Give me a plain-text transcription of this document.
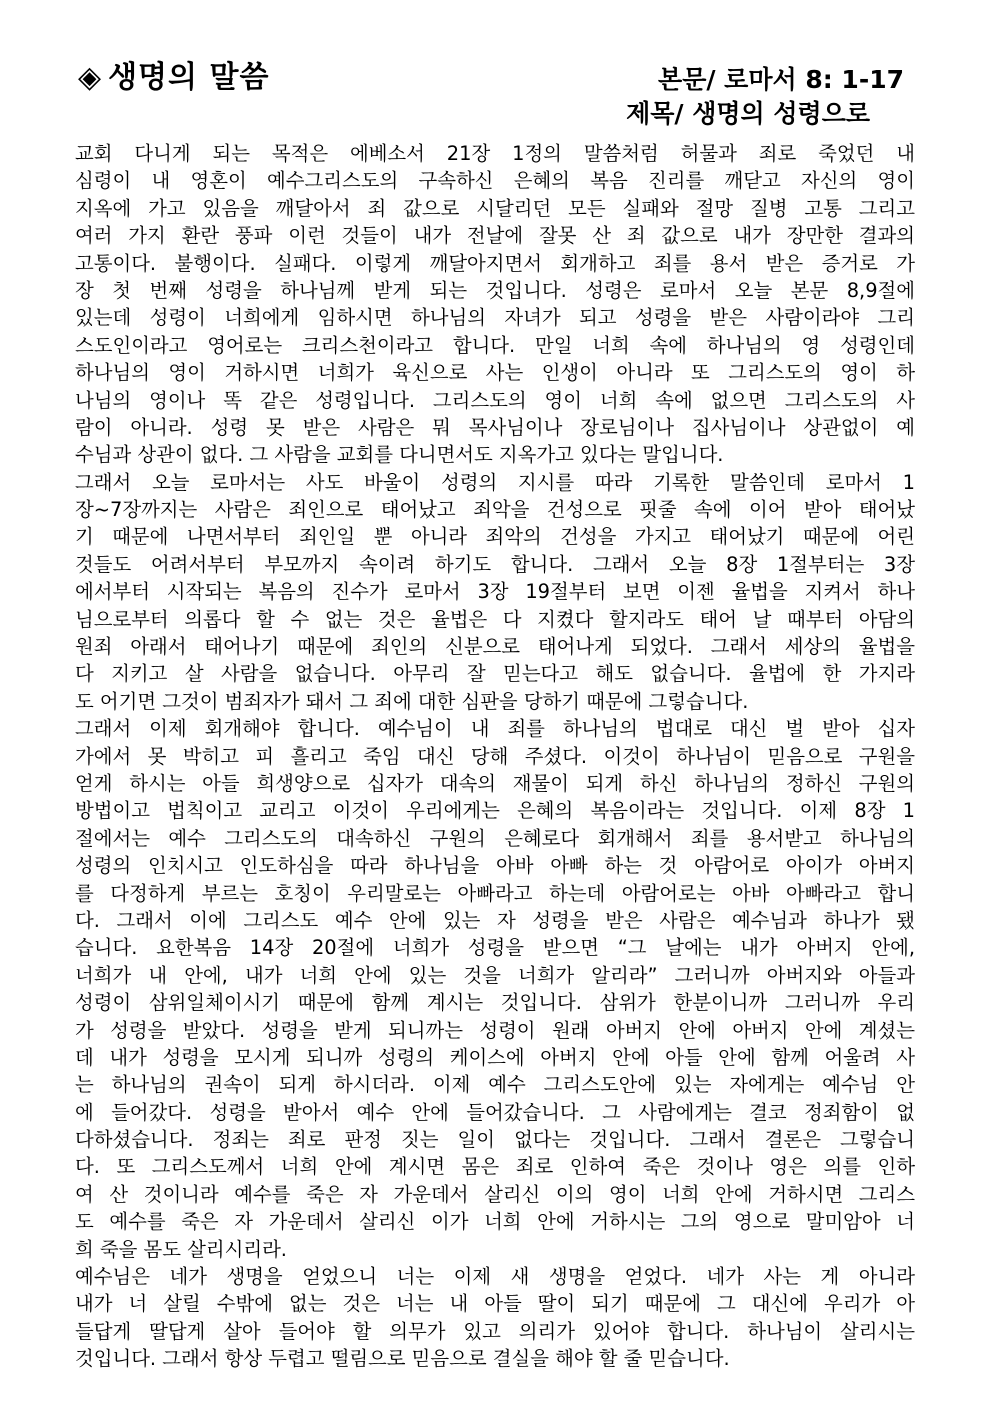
◈ 생명의 말씀	본문/ 로마서 8: 1-17
제목/ 생명의 성령으로
교회 다니게 되는 목적은 에베소서 21장 1정의 말씀처럼 허물과 죄로 죽었던 내
심령이 내 영혼이 예수그리스도의 구속하신 은혜의 복음 진리를 깨닫고 자신의 영이
지옥에 가고 있음을 깨달아서 죄 값으로 시달리던 모든 실패와 절망 질병 고통 그리고
여러 가지 환란 풍파 이런 것들이 내가 전날에 잘못 산 죄 값으로 내가 장만한 결과의
고통이다. 불행이다. 실패다. 이렇게 깨달아지면서 회개하고 죄를 용서 받은 증거로 가
장 첫 번째 성령을 하나님께 받게 되는 것입니다. 성령은 로마서 오늘 본문 8,9절에
있는데 성령이 너희에게 임하시면 하나님의 자녀가 되고 성령을 받은 사람이라야 그리
스도인이라고 영어로는 크리스천이라고 합니다. 만일 너희 속에 하나님의 영 성령인데
하나님의 영이 거하시면 너희가 육신으로 사는 인생이 아니라 또 그리스도의 영이 하
나님의 영이나 똑 같은 성령입니다. 그리스도의 영이 너희 속에 없으면 그리스도의 사
람이 아니라. 성령 못 받은 사람은 뭐 목사님이나 장로님이나 집사님이나 상관없이 예
수님과 상관이 없다. 그 사람을 교회를 다니면서도 지옥가고 있다는 말입니다.
그래서 오늘 로마서는 사도 바울이 성령의 지시를 따라 기록한 말씀인데 로마서 1
장~7장까지는 사람은 죄인으로 태어났고 죄악을 건성으로 핏줄 속에 이어 받아 태어났
기 때문에 나면서부터 죄인일 뿐 아니라 죄악의 건성을 가지고 태어났기 때문에 어린
것들도 어려서부터 부모까지 속이려 하기도 합니다. 그래서 오늘 8장 1절부터는 3장
에서부터 시작되는 복음의 진수가 로마서 3장 19절부터 보면 이젠 율법을 지켜서 하나
님으로부터 의롭다 할 수 없는 것은 율법은 다 지켰다 할지라도 태어 날 때부터 아담의
원죄 아래서 태어나기 때문에 죄인의 신분으로 태어나게 되었다. 그래서 세상의 율법을
다 지키고 살 사람을 없습니다. 아무리 잘 믿는다고 해도 없습니다. 율법에 한 가지라
도 어기면 그것이 범죄자가 돼서 그 죄에 대한 심판을 당하기 때문에 그렇습니다.
그래서 이제 회개해야 합니다. 예수님이 내 죄를 하나님의 법대로 대신 벌 받아 십자
가에서 못 박히고 피 흘리고 죽임 대신 당해 주셨다. 이것이 하나님이 믿음으로 구원을
얻게 하시는 아들 희생양으로 십자가 대속의 재물이 되게 하신 하나님의 정하신 구원의
방법이고 법칙이고 교리고 이것이 우리에게는 은혜의 복음이라는 것입니다. 이제 8장 1
절에서는 예수 그리스도의 대속하신 구원의 은혜로다 회개해서 죄를 용서받고 하나님의
성령의 인치시고 인도하심을 따라 하나님을 아바 아빠 하는 것 아람어로 아이가 아버지
를 다정하게 부르는 호칭이 우리말로는 아빠라고 하는데 아람어로는 아바 아빠라고 합니
다. 그래서 이에 그리스도 예수 안에 있는 자 성령을 받은 사람은 예수님과 하나가 됐
습니다. 요한복음 14장 20절에 너희가 성령을 받으면 “그 날에는 내가 아버지 안에,
너희가 내 안에, 내가 너희 안에 있는 것을 너희가 알리라” 그러니까 아버지와 아들과
성령이 삼위일체이시기 때문에 함께 계시는 것입니다. 삼위가 한분이니까 그러니까 우리
가 성령을 받았다. 성령을 받게 되니까는 성령이 원래 아버지 안에 아버지 안에 계셨는
데 내가 성령을 모시게 되니까 성령의 케이스에 아버지 안에 아들 안에 함께 어울려 사
는 하나님의 권속이 되게 하시더라. 이제 예수 그리스도안에 있는 자에게는 예수님 안
에 들어갔다. 성령을 받아서 예수 안에 들어갔습니다. 그 사람에게는 결코 정죄함이 없
다하셨습니다. 정죄는 죄로 판정 짓는 일이 없다는 것입니다. 그래서 결론은 그렇습니
다. 또 그리스도께서 너희 안에 계시면 몸은 죄로 인하여 죽은 것이나 영은 의를 인하
여 산 것이니라 예수를 죽은 자 가운데서 살리신 이의 영이 너희 안에 거하시면 그리스
도 예수를 죽은 자 가운데서 살리신 이가 너희 안에 거하시는 그의 영으로 말미암아 너
희 죽을 몸도 살리시리라.
예수님은 네가 생명을 얻었으니 너는 이제 새 생명을 얻었다. 네가 사는 게 아니라
내가 너 살릴 수밖에 없는 것은 너는 내 아들 딸이 되기 때문에 그 대신에 우리가 아
들답게 딸답게 살아 들어야 할 의무가 있고 의리가 있어야 합니다. 하나님이 살리시는
것입니다. 그래서 항상 두렵고 떨림으로 믿음으로 결실을 해야 할 줄 믿습니다.
